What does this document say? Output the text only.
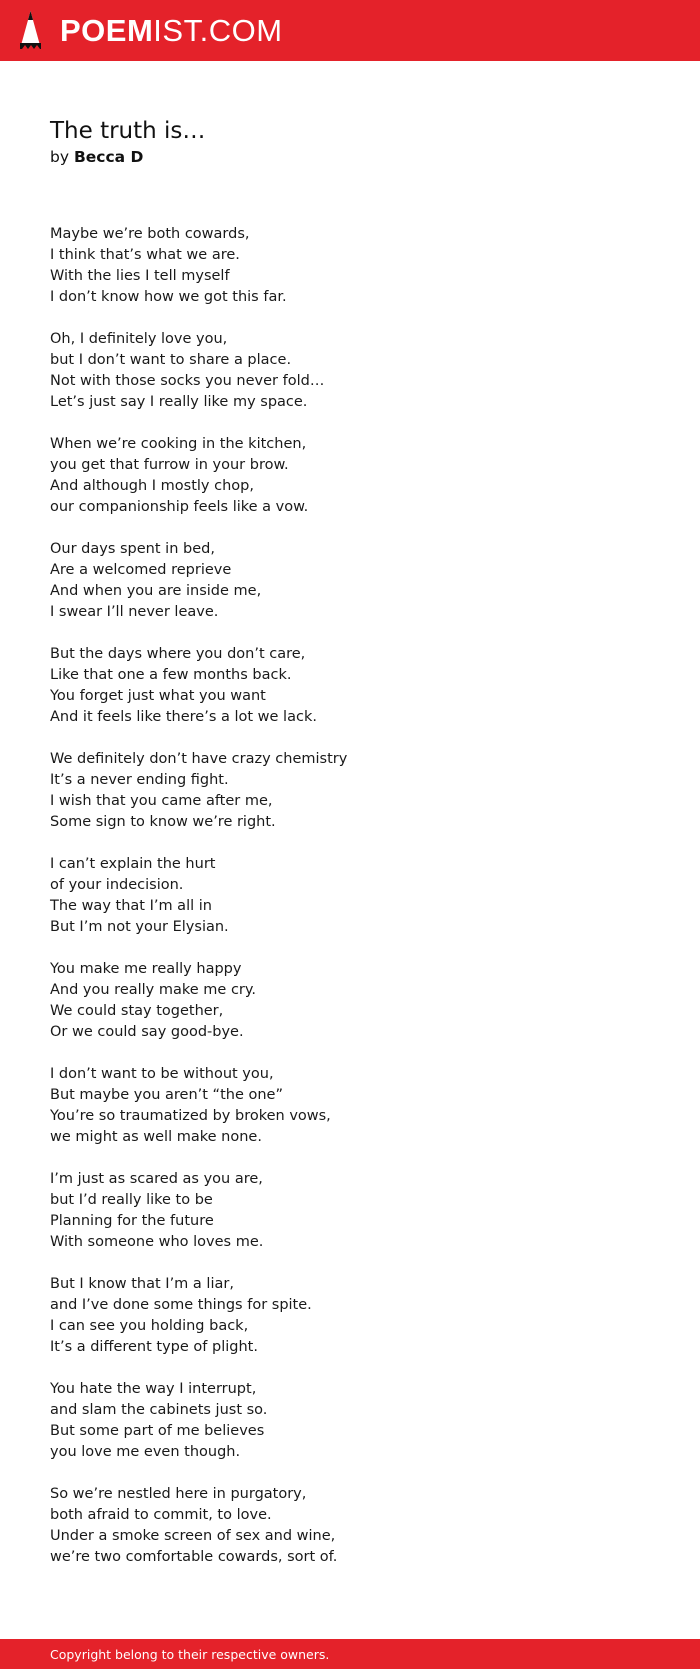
POEMIST.COM
The truth is…
by Becca D
Maybe we’re both cowards,
I think that’s what we are.
With the lies I tell myself
I don’t know how we got this far.
Oh, I definitely love you,
but I don’t want to share a place.
Not with those socks you never fold…
Let’s just say I really like my space.
When we’re cooking in the kitchen,
you get that furrow in your brow.
And although I mostly chop,
our companionship feels like a vow.
Our days spent in bed,
Are a welcomed reprieve
And when you are inside me,
I swear I’ll never leave.
But the days where you don’t care,
Like that one a few months back.
You forget just what you want
And it feels like there’s a lot we lack.
We definitely don’t have crazy chemistry
It’s a never ending fight.
I wish that you came after me,
Some sign to know we’re right.
I can’t explain the hurt
of your indecision.
The way that I’m all in
But I’m not your Elysian.
You make me really happy
And you really make me cry.
We could stay together,
Or we could say good-bye.
I don’t want to be without you,
But maybe you aren’t “the one”
You’re so traumatized by broken vows,
we might as well make none.
I’m just as scared as you are,
but I’d really like to be
Planning for the future
With someone who loves me.
But I know that I’m a liar,
and I’ve done some things for spite.
I can see you holding back,
It’s a different type of plight.
You hate the way I interrupt,
and slam the cabinets just so.
But some part of me believes
you love me even though.
So we’re nestled here in purgatory,
both afraid to commit, to love.
Under a smoke screen of sex and wine,
we’re two comfortable cowards, sort of.
Copyright belong to their respective owners.
